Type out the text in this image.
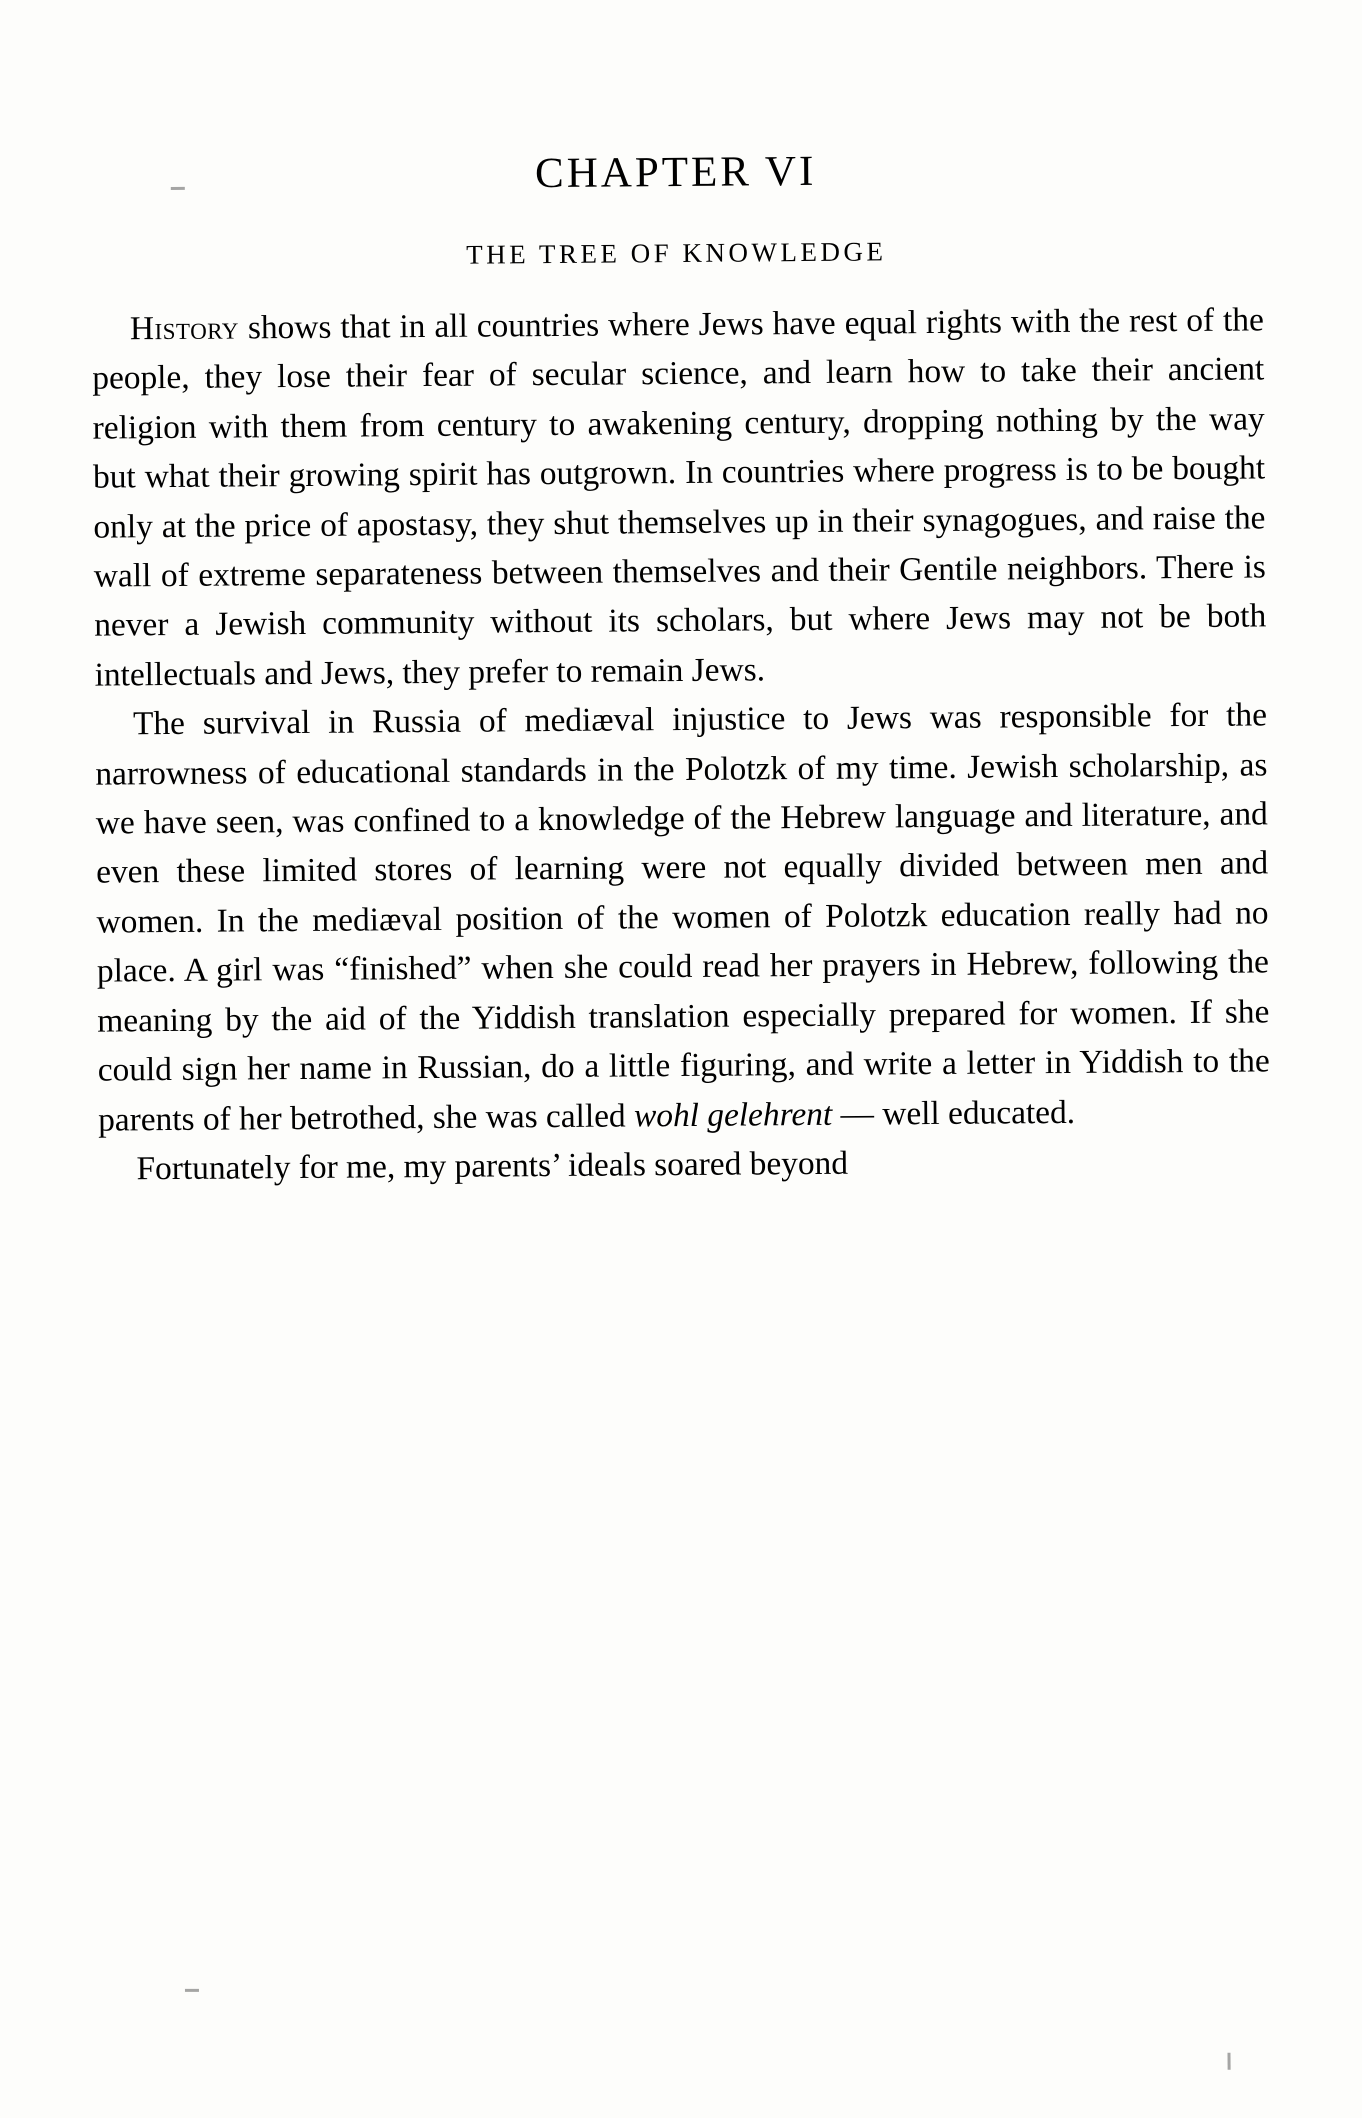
CHAPTER VI
THE TREE OF KNOWLEDGE

History shows that in all countries where Jews have equal rights with the rest of the people, they lose their fear of secular science, and learn how to take their ancient religion with them from century to awakening century, dropping nothing by the way but what their growing spirit has outgrown. In countries where progress is to be bought only at the price of apostasy, they shut themselves up in their synagogues, and raise the wall of extreme separateness between themselves and their Gentile neighbors. There is never a Jewish community without its scholars, but where Jews may not be both intellectuals and Jews, they prefer to remain Jews.

The survival in Russia of mediæval injustice to Jews was responsible for the narrowness of educational standards in the Polotzk of my time. Jewish scholarship, as we have seen, was confined to a knowledge of the Hebrew language and literature, and even these limited stores of learning were not equally divided between men and women. In the mediæval position of the women of Polotzk education really had no place. A girl was “finished” when she could read her prayers in Hebrew, following the meaning by the aid of the Yiddish translation especially prepared for women. If she could sign her name in Russian, do a little figuring, and write a letter in Yiddish to the parents of her betrothed, she was called wohl gelehrent — well educated.

Fortunately for me, my parents’ ideals soared beyond
